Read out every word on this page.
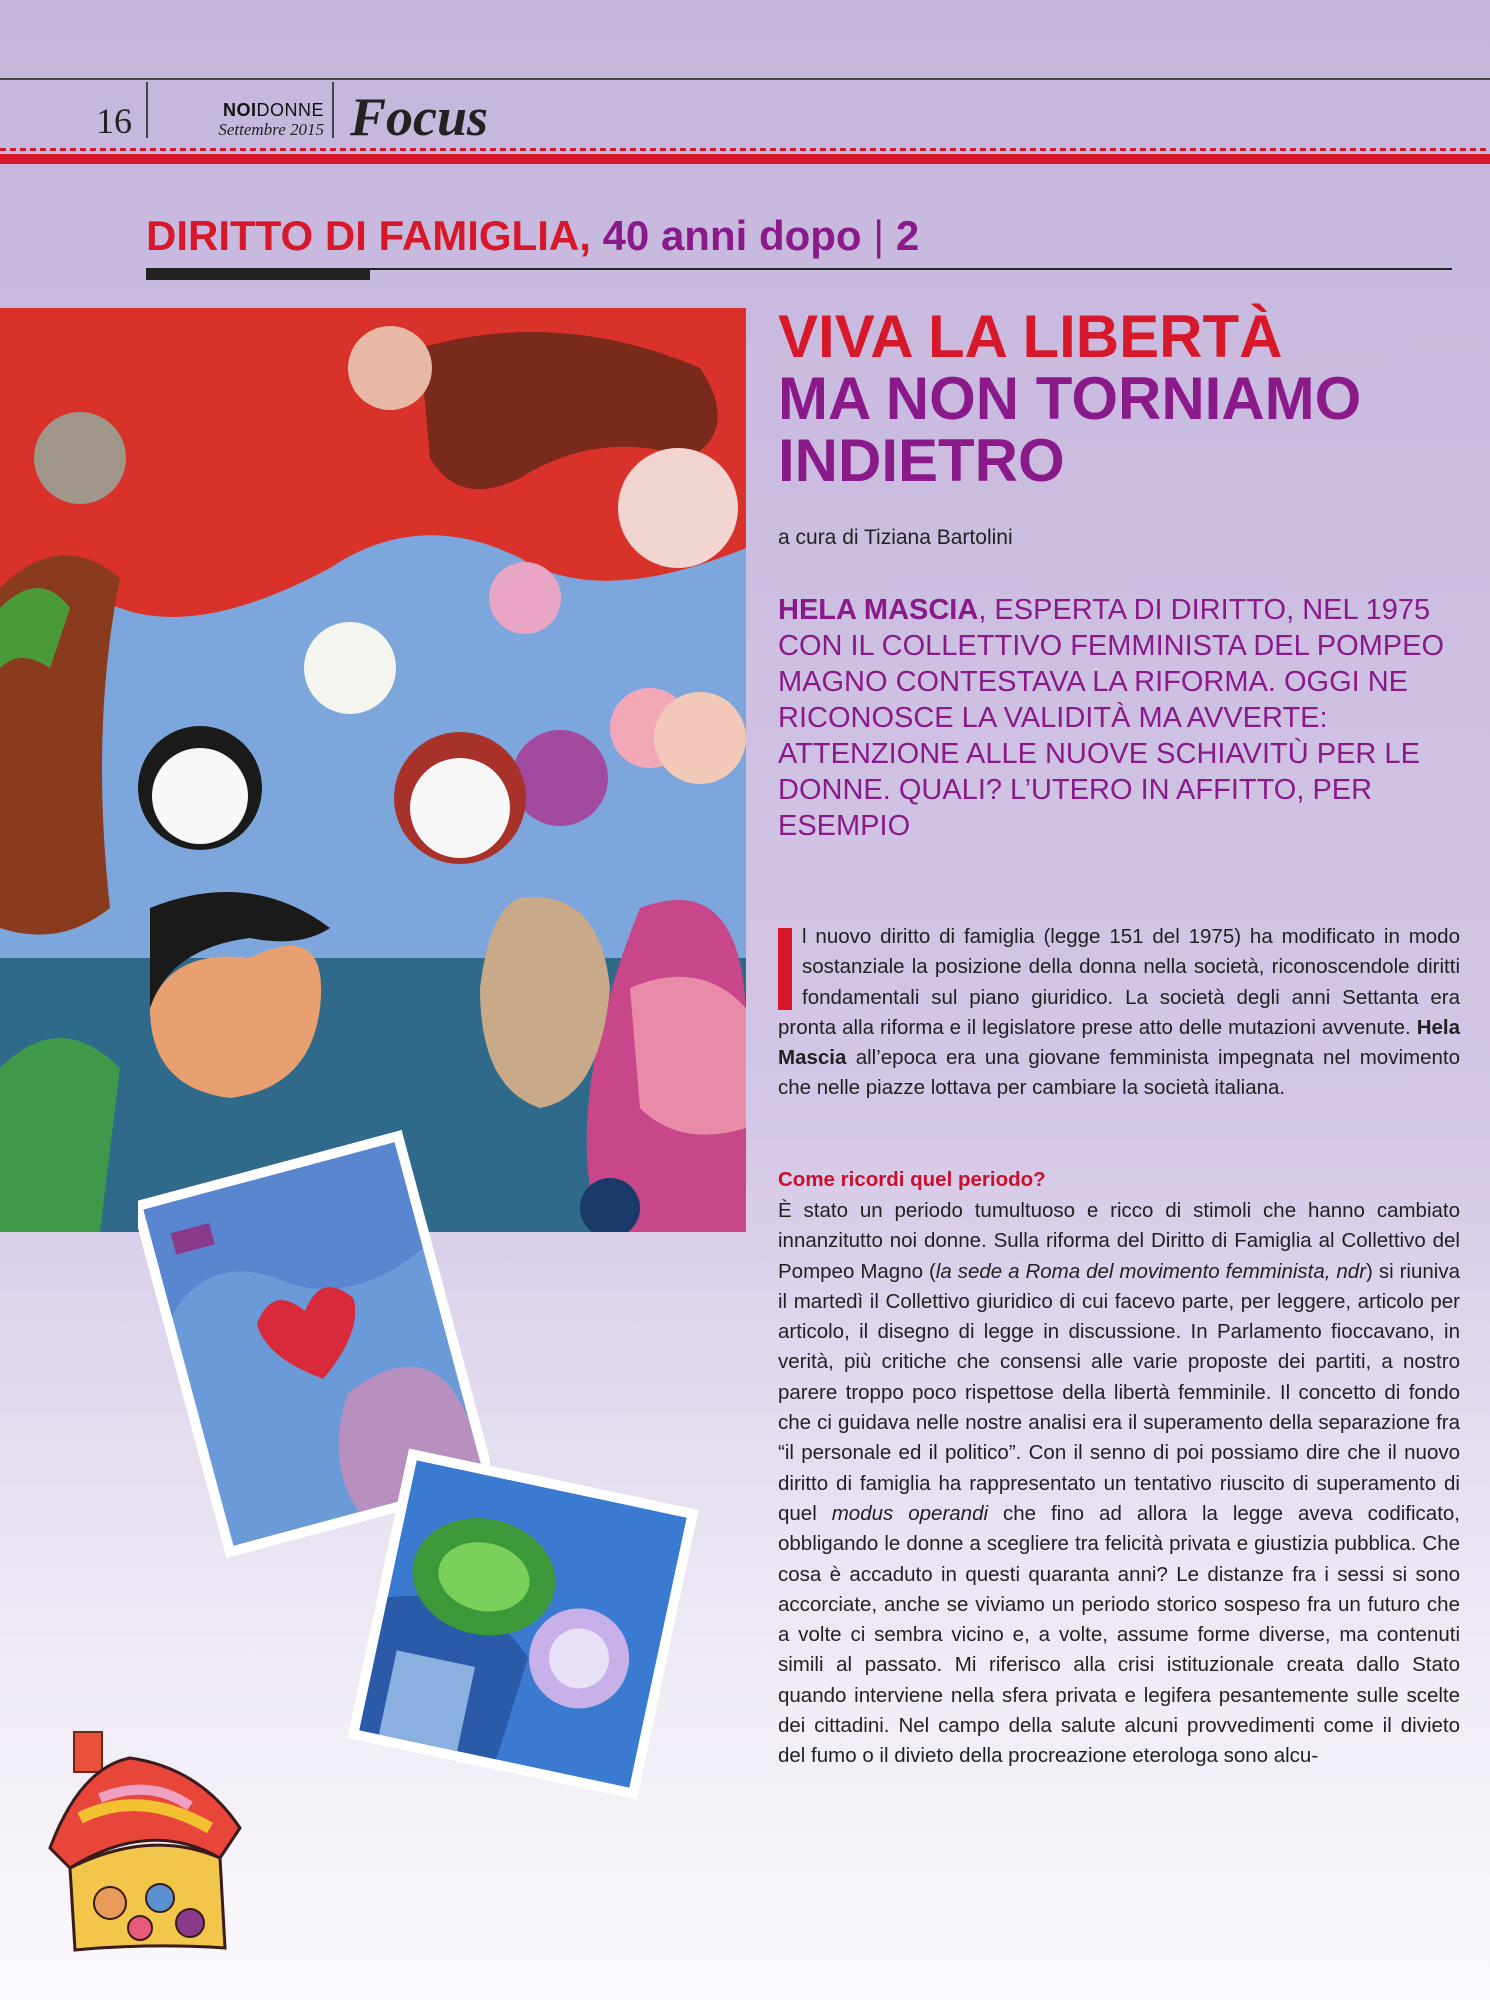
16	NOIDONNE
Settembre 2015 Focus
DIRITTO DI FAMIGLIA, 40 anni dopo | 2
VIVA LA LIBERTÀ
MA NON TORNIAMO
INDIETRO
a cura di Tiziana Bartolini
HELA MASCIA, ESPERTA DI DIRITTO, NEL 1975 CON IL COLLETTIVO FEMMINISTA DEL POMPEO MAGNO CONTESTAVA LA RIFORMA. OGGI NE RICONOSCE LA VALIDITÀ MA AVVERTE: ATTENZIONE ALLE NUOVE SCHIAVITÙ PER LE DONNE. QUALI? L’UTERO IN AFFITTO, PER ESEMPIO
l nuovo diritto di famiglia (legge 151 del 1975) ha modificato in modo sostanziale la posizione della donna nella società, riconoscendole diritti fondamentali sul piano giuridico. La società degli anni Settanta era pronta alla riforma e il legislatore prese atto delle mutazioni avvenute. Hela Mascia all’epoca era una giovane femminista impegnata nel movimento che nelle piazze lottava per cambiare la società italiana.
Come ricordi quel periodo?
È stato un periodo tumultuoso e ricco di stimoli che hanno cambiato innanzitutto noi donne. Sulla riforma del Diritto di Famiglia al Collettivo del Pompeo Magno (la sede a Roma del movimento femminista, ndr) si riuniva il martedì il Collettivo giuridico di cui facevo parte, per leggere, articolo per articolo, il disegno di legge in discussione. In Parlamento fioccavano, in verità, più critiche che consensi alle varie proposte dei partiti, a nostro parere troppo poco rispettose della libertà femminile. Il concetto di fondo che ci guidava nelle nostre analisi era il superamento della separazione fra “il personale ed il politico”. Con il senno di poi possiamo dire che il nuovo diritto di famiglia ha rappresentato un tentativo riuscito di superamento di quel modus operandi che fino ad allora la legge aveva codificato, obbligando le donne a scegliere tra felicità privata e giustizia pubblica. Che cosa è accaduto in questi quaranta anni? Le distanze fra i sessi si sono accorciate, anche se viviamo un periodo storico sospeso fra un futuro che a volte ci sembra vicino e, a volte, assume forme diverse, ma contenuti simili al passato. Mi riferisco alla crisi istituzionale creata dallo Stato quando interviene nella sfera privata e legifera pesantemente sulle scelte dei cittadini. Nel campo della salute alcuni provvedimenti come il divieto del fumo o il divieto della procreazione eterologa sono alcu-
